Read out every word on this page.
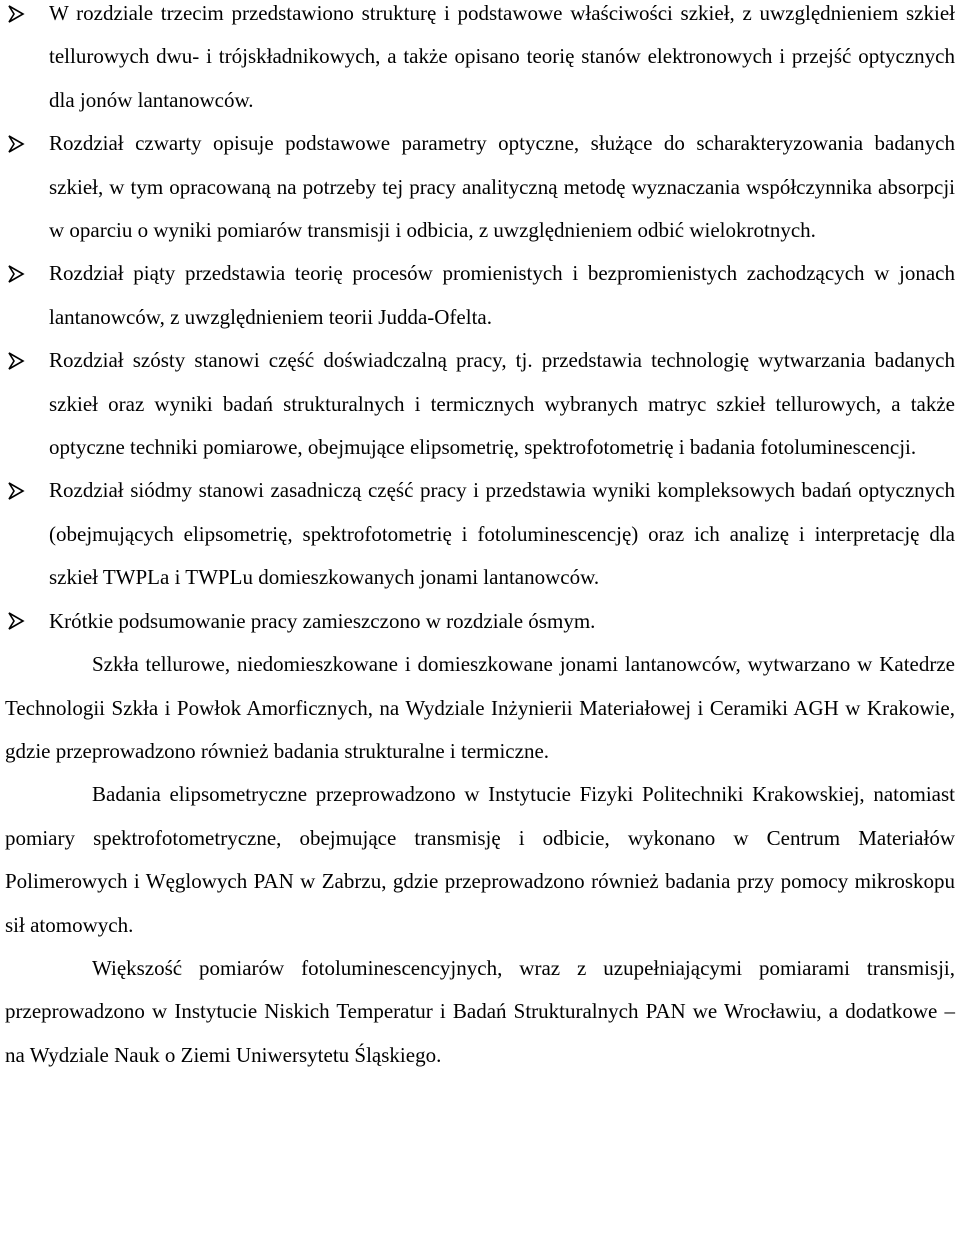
W rozdziale trzecim przedstawiono strukturę i podstawowe właściwości szkieł, z uwzględnieniem szkieł tellurowych dwu- i trójskładnikowych, a także opisano teorię stanów elektronowych i przejść optycznych dla jonów lantanowców.
Rozdział czwarty opisuje podstawowe parametry optyczne, służące do scharakteryzowania badanych szkieł, w tym opracowaną na potrzeby tej pracy analityczną metodę wyznaczania współczynnika absorpcji w oparciu o wyniki pomiarów transmisji i odbicia, z uwzględnieniem odbić wielokrotnych.
Rozdział piąty przedstawia teorię procesów promienistych i bezpromienistych zachodzących w jonach lantanowców, z uwzględnieniem teorii Judda-Ofelta.
Rozdział szósty stanowi część doświadczalną pracy, tj. przedstawia technologię wytwarzania badanych szkieł oraz wyniki badań strukturalnych i termicznych wybranych matryc szkieł tellurowych, a także optyczne techniki pomiarowe, obejmujące elipsometrię, spektrofotometrię i badania fotoluminescencji.
Rozdział siódmy stanowi zasadniczą część pracy i przedstawia wyniki kompleksowych badań optycznych (obejmujących elipsometrię, spektrofotometrię i fotoluminescencję) oraz ich analizę i interpretację dla szkieł TWPLa i TWPLu domieszkowanych jonami lantanowców.
Krótkie podsumowanie pracy zamieszczono w rozdziale ósmym.

Szkła tellurowe, niedomieszkowane i domieszkowane jonami lantanowców, wytwarzano w Katedrze Technologii Szkła i Powłok Amorficznych, na Wydziale Inżynierii Materiałowej i Ceramiki AGH w Krakowie, gdzie przeprowadzono również badania strukturalne i termiczne.

Badania elipsometryczne przeprowadzono w Instytucie Fizyki Politechniki Krakowskiej, natomiast pomiary spektrofotometryczne, obejmujące transmisję i odbicie, wykonano w Centrum Materiałów Polimerowych i Węglowych PAN w Zabrzu, gdzie przeprowadzono również badania przy pomocy mikroskopu sił atomowych.

Większość pomiarów fotoluminescencyjnych, wraz z uzupełniającymi pomiarami transmisji, przeprowadzono w Instytucie Niskich Temperatur i Badań Strukturalnych PAN we Wrocławiu, a dodatkowe – na Wydziale Nauk o Ziemi Uniwersytetu Śląskiego.
